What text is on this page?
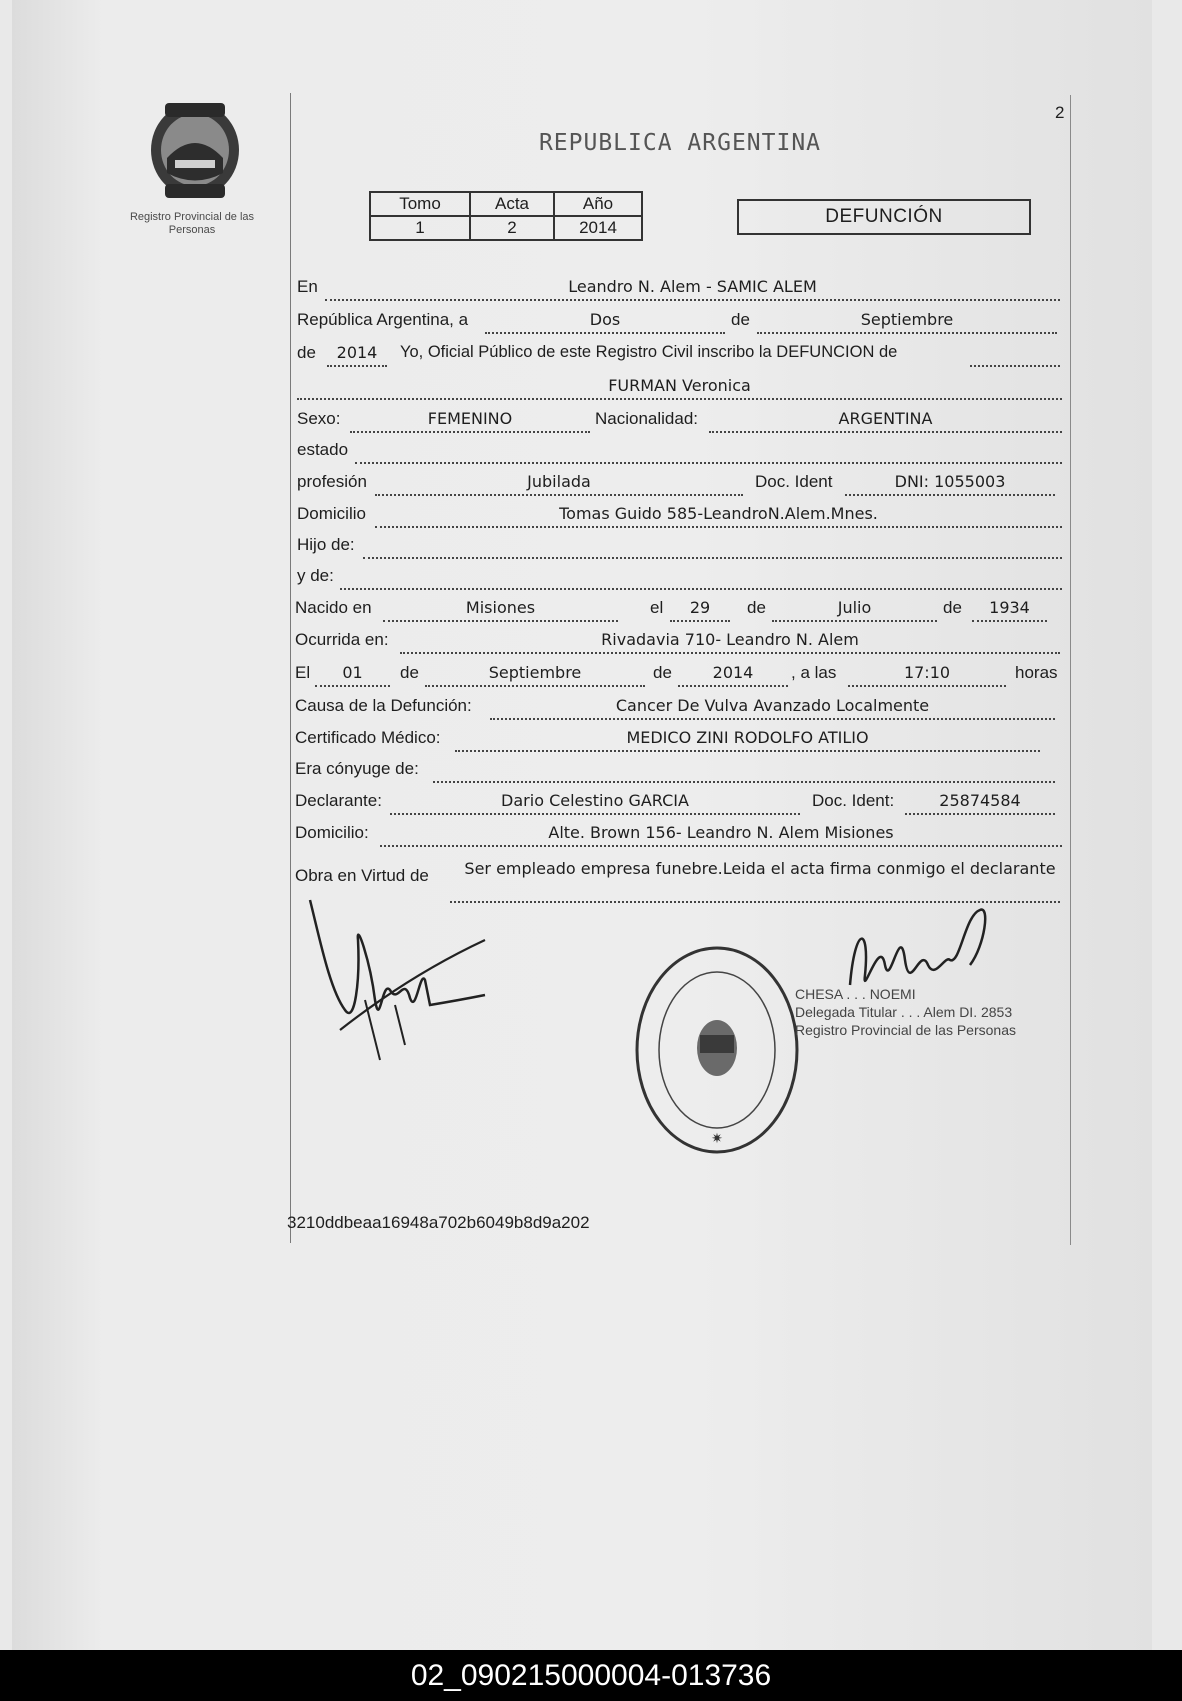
2
Registro Provincial de las Personas
REPUBLICA ARGENTINA
Tomo	Acta	Año
1	2	2014
DEFUNCIÓN
En	Leandro N. Alem - SAMIC ALEM
República Argentina, a	Dos	de	Septiembre
de	2014	Yo, Oficial Público de este Registro Civil inscribo la DEFUNCION de
FURMAN Veronica
Sexo:	FEMENINO	Nacionalidad:	ARGENTINA
estado
profesión	Jubilada	Doc. Ident	DNI: 1055003
Domicilio	Tomas Guido 585-LeandroN.Alem.Mnes.
Hijo de:
y de:
Nacido en	Misiones	el	29	de	Julio	de	1934
Ocurrida en:	Rivadavia 710- Leandro N. Alem
El	01	de	Septiembre	de	2014	, a las	17:10	horas
Causa de la Defunción:	Cancer De Vulva Avanzado Localmente
Certificado Médico:	MEDICO ZINI RODOLFO ATILIO
Era cónyuge de:
Declarante:	Dario Celestino GARCIA	Doc. Ident:	25874584
Domicilio:	Alte. Brown 156- Leandro N. Alem Misiones
Obra en Virtud de	Ser empleado empresa funebre.Leida el acta firma conmigo el declarante
✷
CHESA . . . NOEMI
Delegada Titular . . . Alem DI. 2853
Registro Provincial de las Personas
3210ddbeaa16948a702b6049b8d9a202
02_090215000004-013736
